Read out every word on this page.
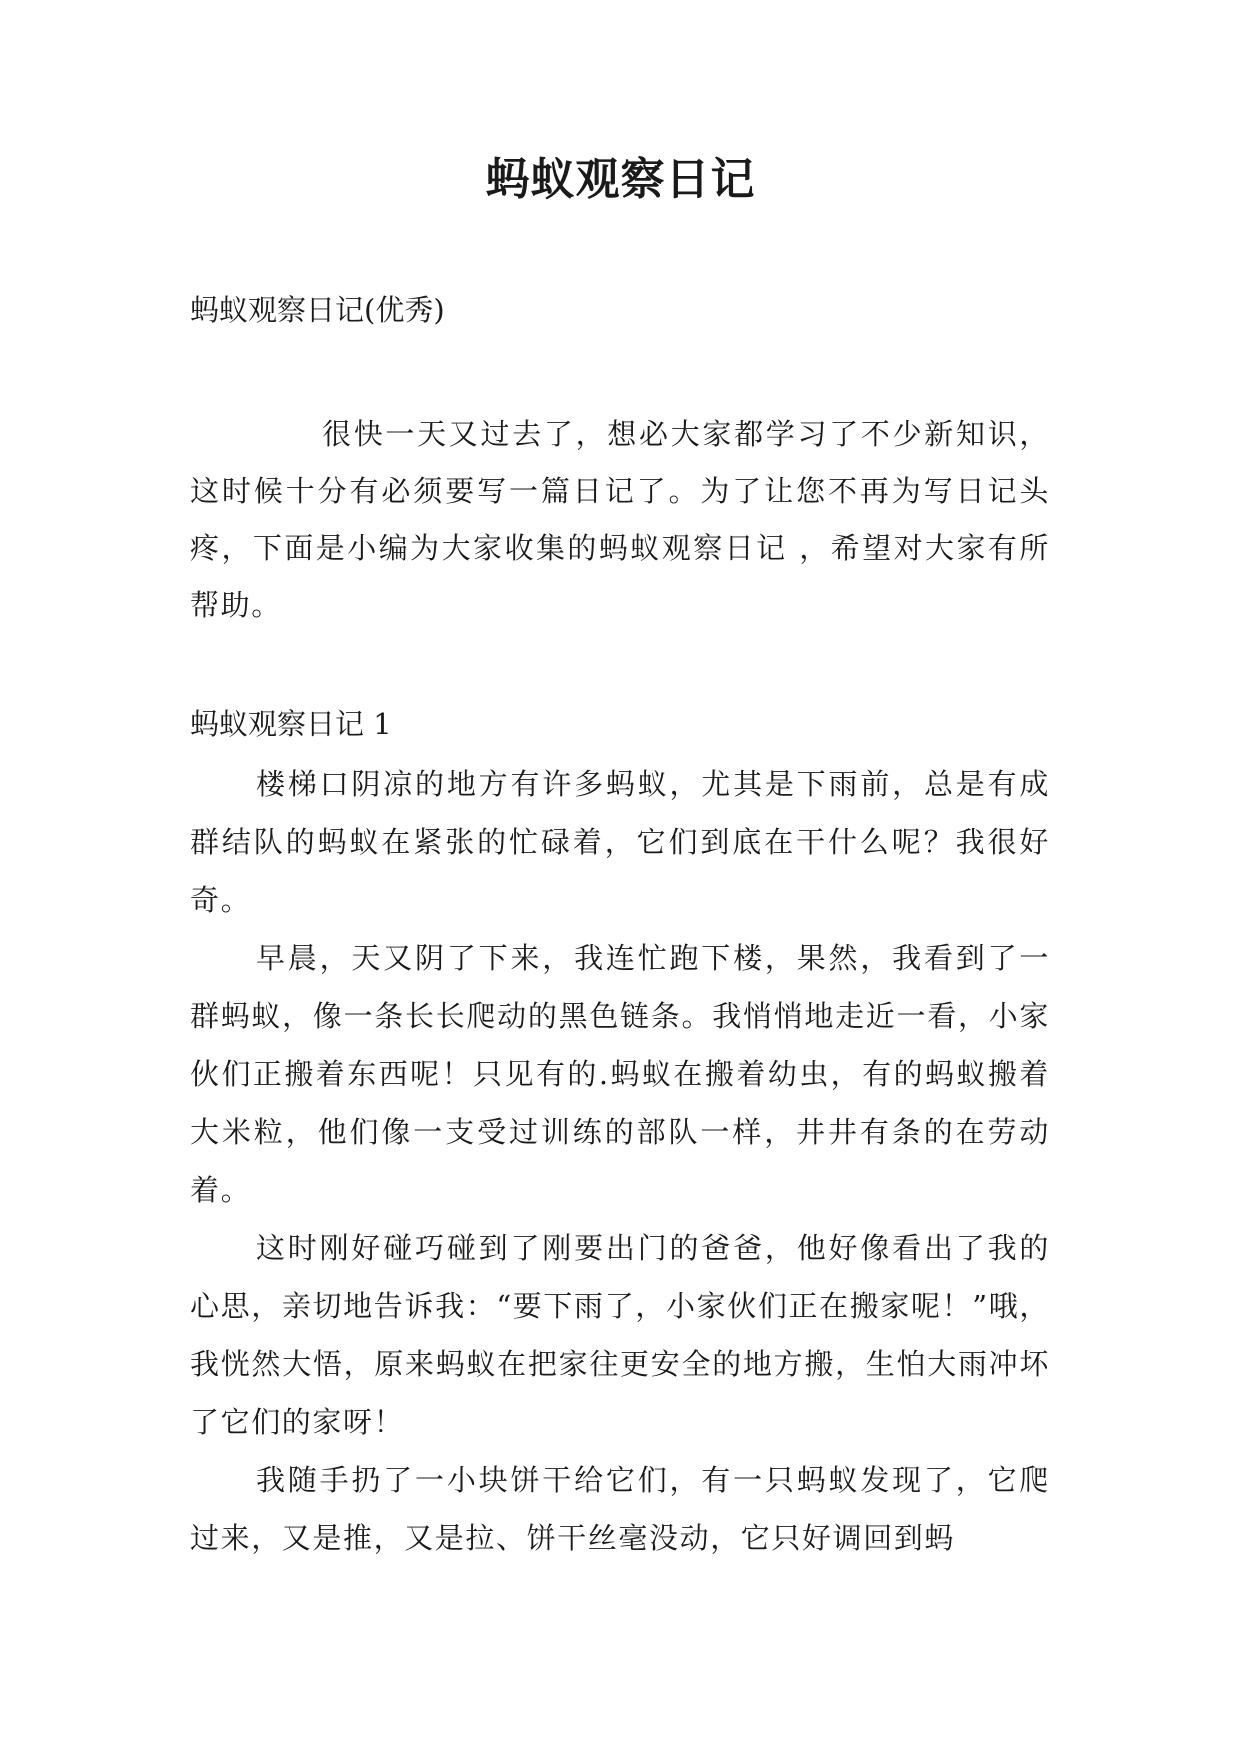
蚂蚁观察日记

蚂蚁观察日记(优秀)

很快一天又过去了，想必大家都学习了不少新知识，这时候十分有必须要写一篇日记了。为了让您不再为写日记头疼，下面是小编为大家收集的蚂蚁观察日记 ，希望对大家有所帮助。

蚂蚁观察日记 1

楼梯口阴凉的地方有许多蚂蚁，尤其是下雨前，总是有成群结队的蚂蚁在紧张的忙碌着，它们到底在干什么呢？我很好奇。

早晨，天又阴了下来，我连忙跑下楼，果然，我看到了一群蚂蚁，像一条长长爬动的黑色链条。我悄悄地走近一看，小家伙们正搬着东西呢！只见有的.蚂蚁在搬着幼虫，有的蚂蚁搬着大米粒，他们像一支受过训练的部队一样，井井有条的在劳动着。

这时刚好碰巧碰到了刚要出门的爸爸，他好像看出了我的心思，亲切地告诉我：“要下雨了，小家伙们正在搬家呢！”哦，我恍然大悟，原来蚂蚁在把家往更安全的地方搬，生怕大雨冲坏了它们的家呀！

我随手扔了一小块饼干给它们，有一只蚂蚁发现了，它爬过来，又是推，又是拉、饼干丝毫没动，它只好调回到蚂
